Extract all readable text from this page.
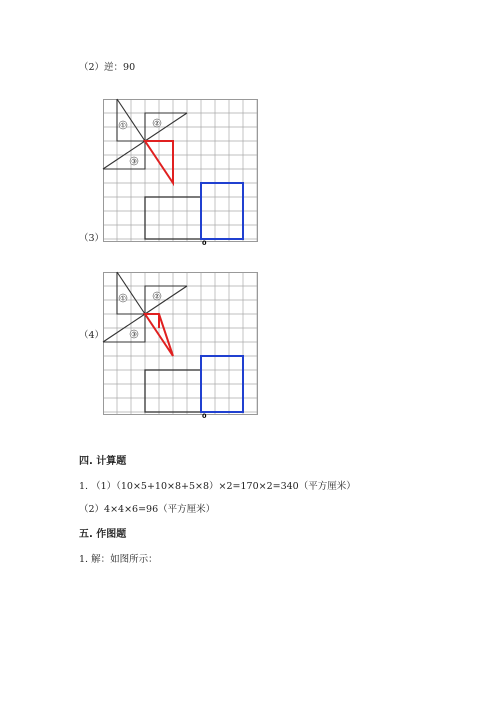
（2）逆：90
（3）
①	②
③
0
（4）
①	②
③
0
四. 计算题
1. （1）（10×5+10×8+5×8）×2=170×2=340（平方厘米）
（2）4×4×6=96（平方厘米）
五. 作图题
1. 解：如图所示：
